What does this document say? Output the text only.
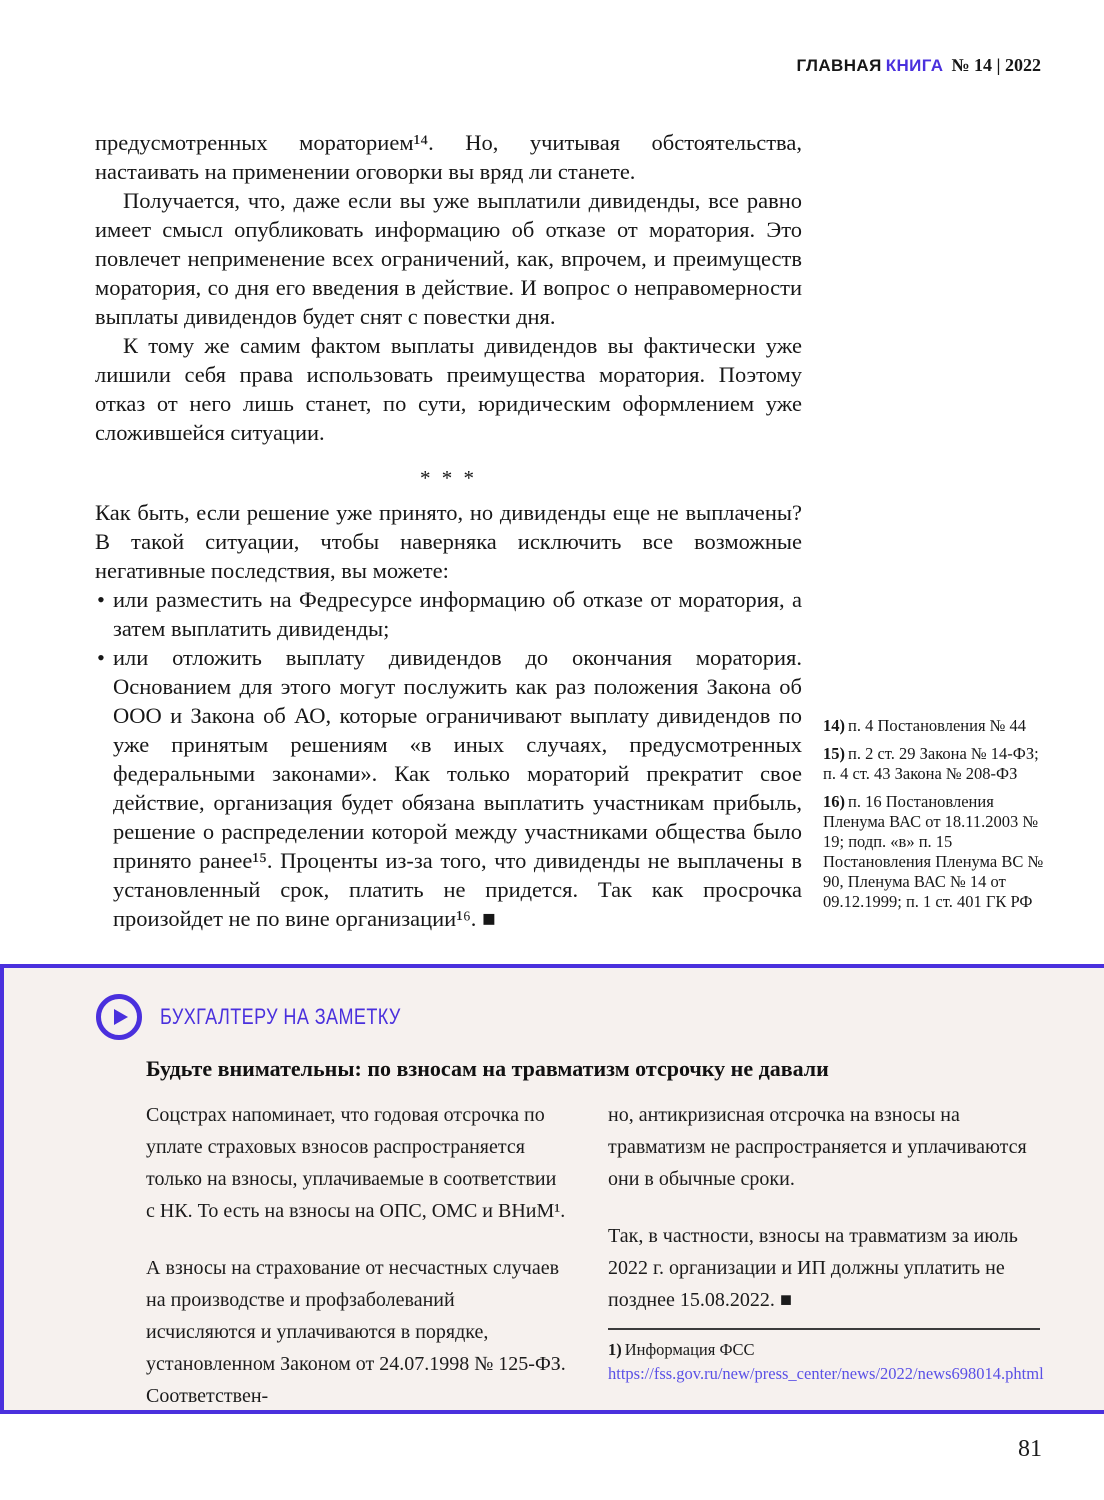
ГЛАВНАЯ КНИГА № 14 | 2022

предусмотренных мораторием¹⁴. Но, учитывая обстоятельства, настаивать на применении оговорки вы вряд ли станете.

Получается, что, даже если вы уже выплатили дивиденды, все равно имеет смысл опубликовать информацию об отказе от моратория. Это повлечет неприменение всех ограничений, как, впрочем, и преимуществ моратория, со дня его введения в действие. И вопрос о неправомерности выплаты дивидендов будет снят с повестки дня.

К тому же самим фактом выплаты дивидендов вы фактически уже лишили себя права использовать преимущества моратория. Поэтому отказ от него лишь станет, по сути, юридическим оформлением уже сложившейся ситуации.

* * *

Как быть, если решение уже принято, но дивиденды еще не выплачены? В такой ситуации, чтобы наверняка исключить все возможные негативные последствия, вы можете:

• или разместить на Федресурсе информацию об отказе от моратория, а затем выплатить дивиденды;
• или отложить выплату дивидендов до окончания моратория. Основанием для этого могут послужить как раз положения Закона об ООО и Закона об АО, которые ограничивают выплату дивидендов по уже принятым решениям «в иных случаях, предусмотренных федеральными законами». Как только мораторий прекратит свое действие, организация будет обязана выплатить участникам прибыль, решение о распределении которой между участниками общества было принято ранее¹⁵. Проценты из-за того, что дивиденды не выплачены в установленный срок, платить не придется. Так как просрочка произойдет не по вине организации¹⁶. ■
14) п. 4 Постановления № 44
15) п. 2 ст. 29 Закона № 14-ФЗ; п. 4 ст. 43 Закона № 208-ФЗ
16) п. 16 Постановления Пленума ВАС от 18.11.2003 № 19; подп. «в» п. 15 Постановления Пленума ВС № 90, Пленума ВАС № 14 от 09.12.1999; п. 1 ст. 401 ГК РФ
БУХГАЛТЕРУ НА ЗАМЕТКУ
Будьте внимательны: по взносам на травматизм отсрочку не давали

Соцстрах напоминает, что годовая отсрочка по уплате страховых взносов распространяется только на взносы, уплачиваемые в соответствии с НК. То есть на взносы на ОПС, ОМС и ВНиМ¹.

А взносы на страхование от несчастных случаев на производстве и профзаболеваний исчисляются и уплачиваются в порядке, установленном Законом от 24.07.1998 № 125-ФЗ. Соответствен-

но, антикризисная отсрочка на взносы на травматизм не распространяется и уплачиваются они в обычные сроки.

Так, в частности, взносы на травматизм за июль 2022 г. организации и ИП должны уплатить не позднее 15.08.2022. ■

1) Информация ФСС
https://fss.gov.ru/new/press_center/news/2022/news698014.phtml
81
